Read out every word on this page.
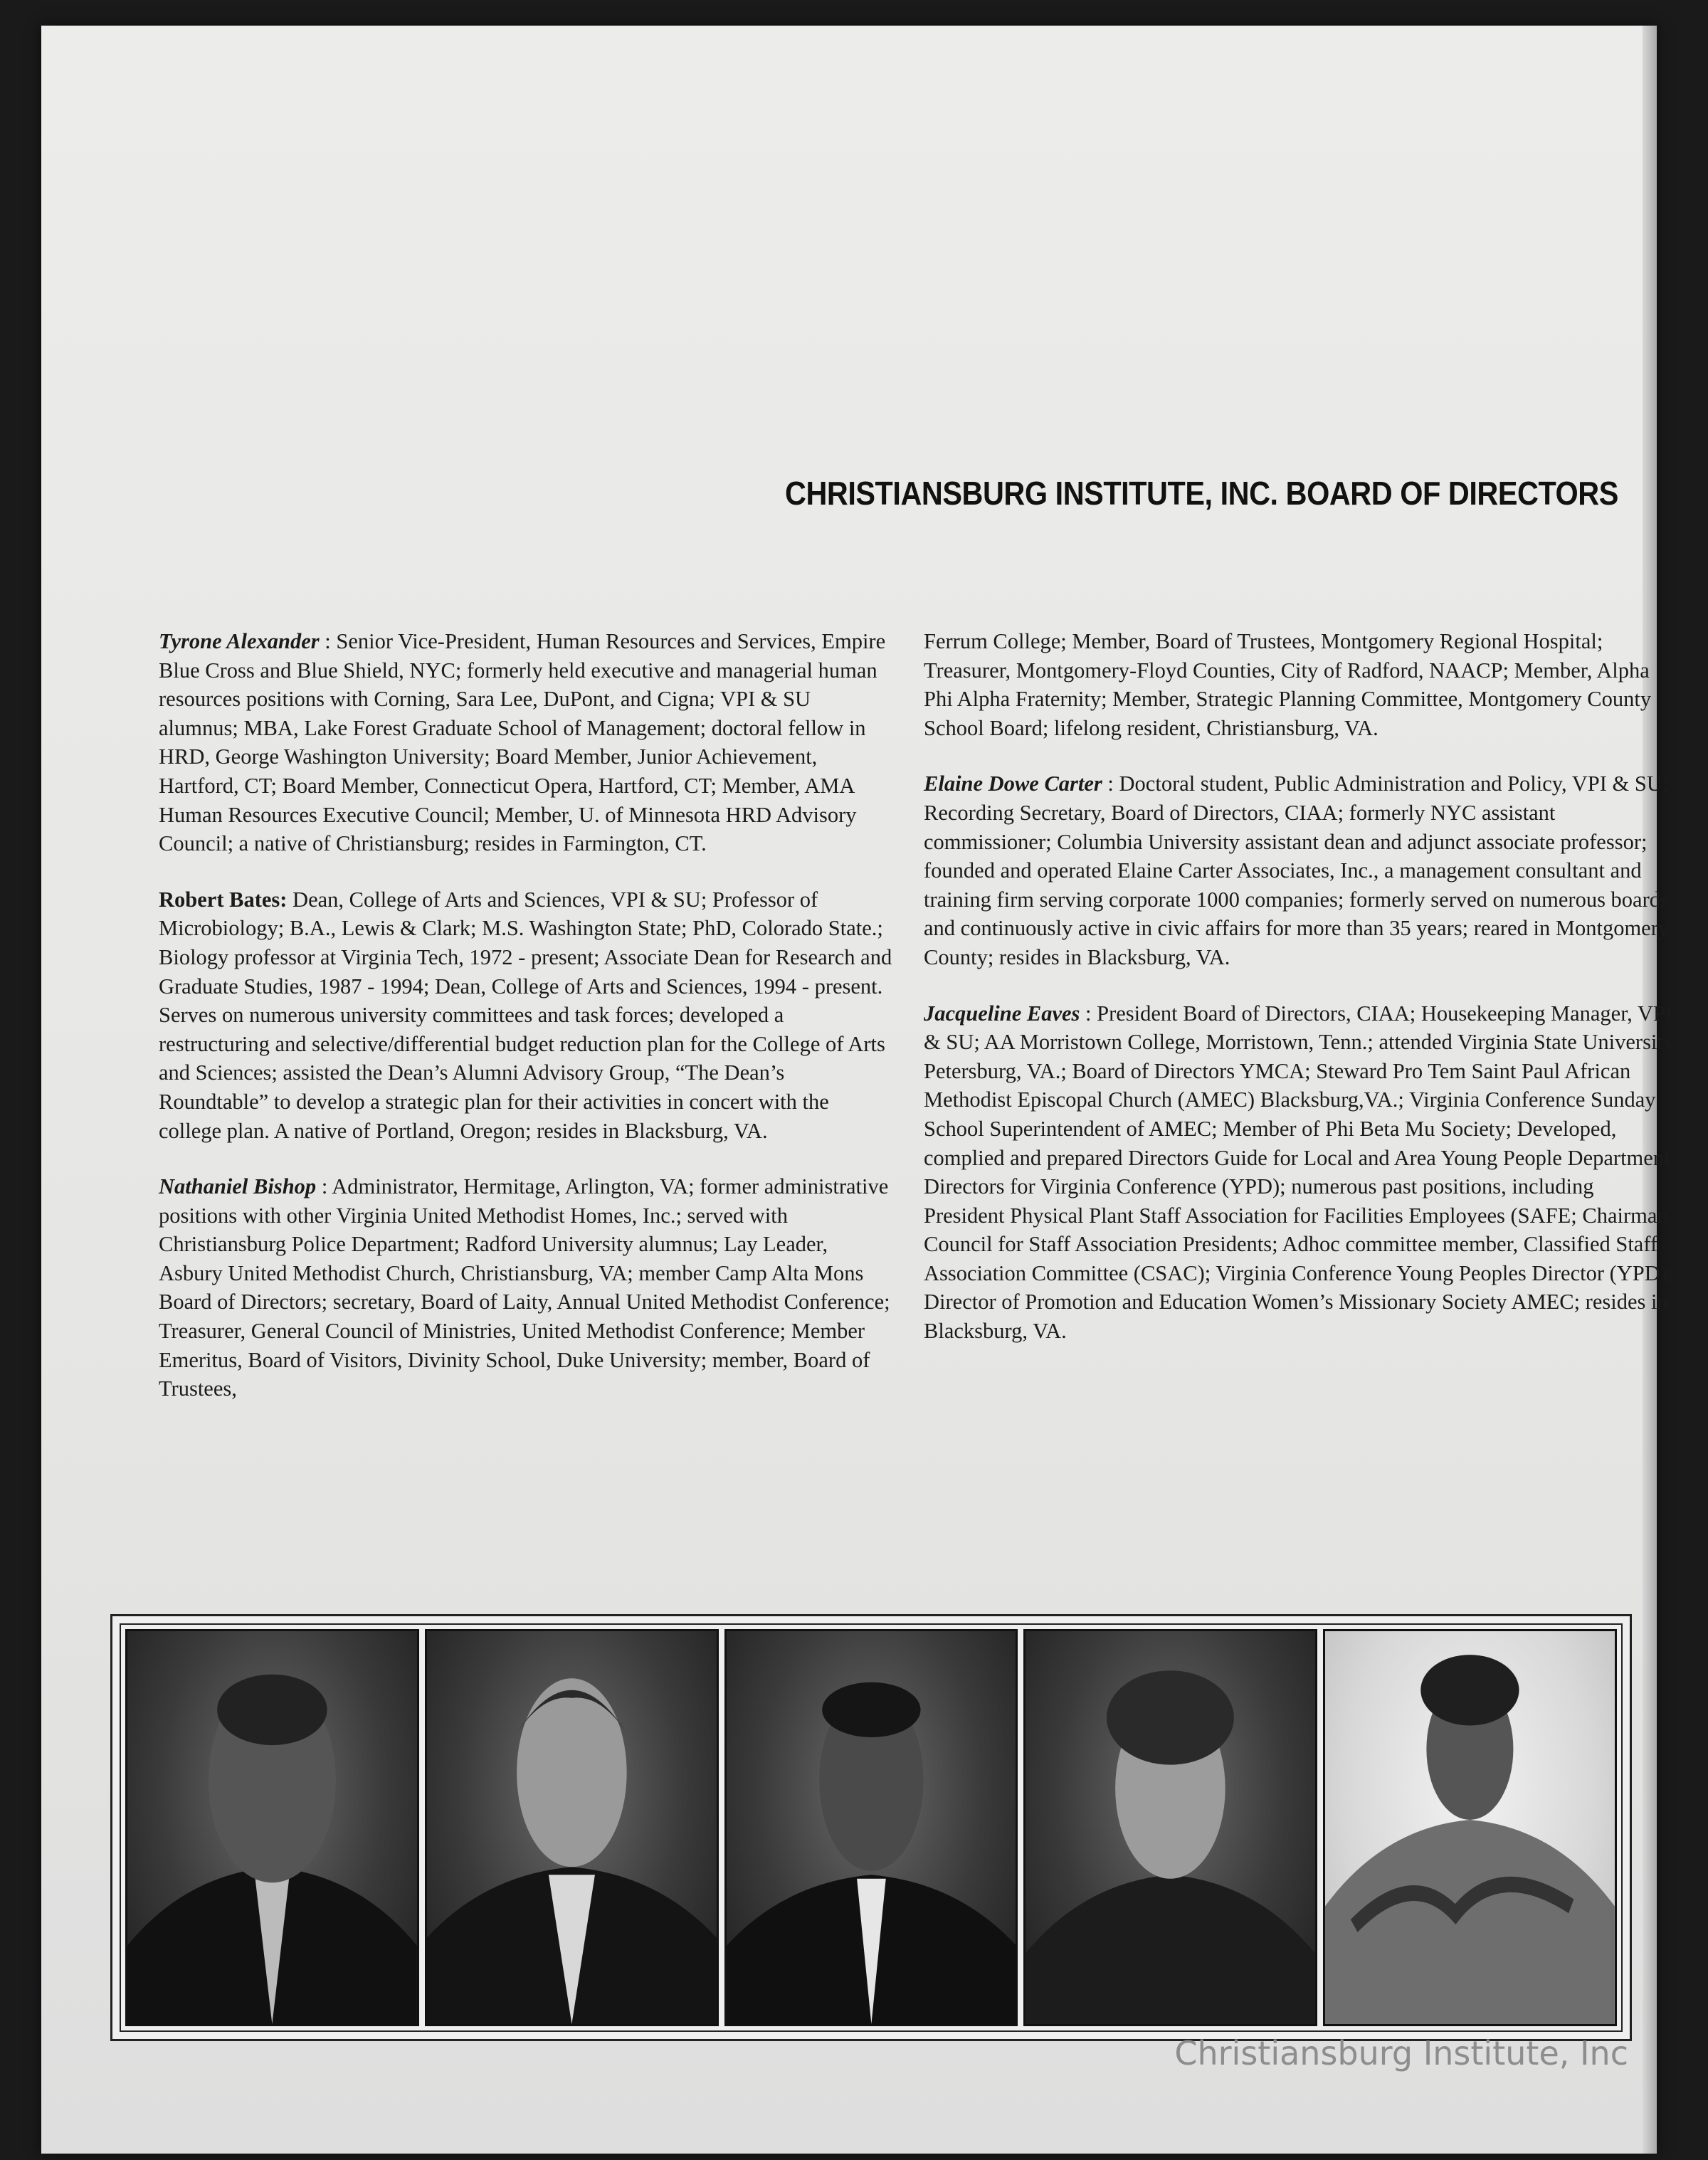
CHRISTIANSBURG INSTITUTE, INC. BOARD OF DIRECTORS

Tyrone Alexander : Senior Vice-President, Human Resources and Services, Empire Blue Cross and Blue Shield, NYC; formerly held executive and managerial human resources positions with Corning, Sara Lee, DuPont, and Cigna; VPI & SU alumnus; MBA, Lake Forest Graduate School of Management; doctoral fellow in HRD, George Washington University; Board Member, Junior Achievement, Hartford, CT; Board Member, Connecticut Opera, Hartford, CT; Member, AMA Human Resources Executive Council; Member, U. of Minnesota HRD Advisory Council; a native of Christiansburg; resides in Farmington, CT.

Robert Bates: Dean, College of Arts and Sciences, VPI & SU; Professor of Microbiology; B.A., Lewis & Clark; M.S. Washington State; PhD, Colorado State.; Biology professor at Virginia Tech, 1972 - present; Associate Dean for Research and Graduate Studies, 1987 - 1994; Dean, College of Arts and Sciences, 1994 - present. Serves on numerous university committees and task forces; developed a restructuring and selective/differential budget reduction plan for the College of Arts and Sciences; assisted the Dean’s Alumni Advisory Group, “The Dean’s Roundtable” to develop a strategic plan for their activities in concert with the college plan. A native of Portland, Oregon; resides in Blacksburg, VA.

Nathaniel Bishop : Administrator, Hermitage, Arlington, VA; former administrative positions with other Virginia United Methodist Homes, Inc.; served with Christiansburg Police Department; Radford University alumnus; Lay Leader, Asbury United Methodist Church, Christiansburg, VA; member Camp Alta Mons Board of Directors; secretary, Board of Laity, Annual United Methodist Conference; Treasurer, General Council of Ministries, United Methodist Conference; Member Emeritus, Board of Visitors, Divinity School, Duke University; member, Board of Trustees,

Ferrum College; Member, Board of Trustees, Montgomery Regional Hospital; Treasurer, Montgomery-Floyd Counties, City of Radford, NAACP; Member, Alpha Phi Alpha Fraternity; Member, Strategic Planning Committee, Montgomery County School Board; lifelong resident, Christiansburg, VA.

Elaine Dowe Carter : Doctoral student, Public Administration and Policy, VPI & SU; Recording Secretary, Board of Directors, CIAA; formerly NYC assistant commissioner; Columbia University assistant dean and adjunct associate professor; founded and operated Elaine Carter Associates, Inc., a management consultant and training firm serving corporate 1000 companies; formerly served on numerous boards and continuously active in civic affairs for more than 35 years; reared in Montgomery County; resides in Blacksburg, VA.

Jacqueline Eaves : President Board of Directors, CIAA; Housekeeping Manager, VPI & SU; AA Morristown College, Morristown, Tenn.; attended Virginia State University, Petersburg, VA.; Board of Directors YMCA; Steward Pro Tem Saint Paul African Methodist Episcopal Church (AMEC) Blacksburg,VA.; Virginia Conference Sunday School Superintendent of AMEC; Member of Phi Beta Mu Society; Developed, complied and prepared Directors Guide for Local and Area Young People Department Directors for Virginia Conference (YPD); numerous past positions, including President Physical Plant Staff Association for Facilities Employees (SAFE; Chairman Council for Staff Association Presidents; Adhoc committee member, Classified Staff Association Committee (CSAC); Virginia Conference Young Peoples Director (YPD); Director of Promotion and Education Women’s Missionary Society AMEC; resides in Blacksburg, VA.

Christiansburg Institute, Inc
